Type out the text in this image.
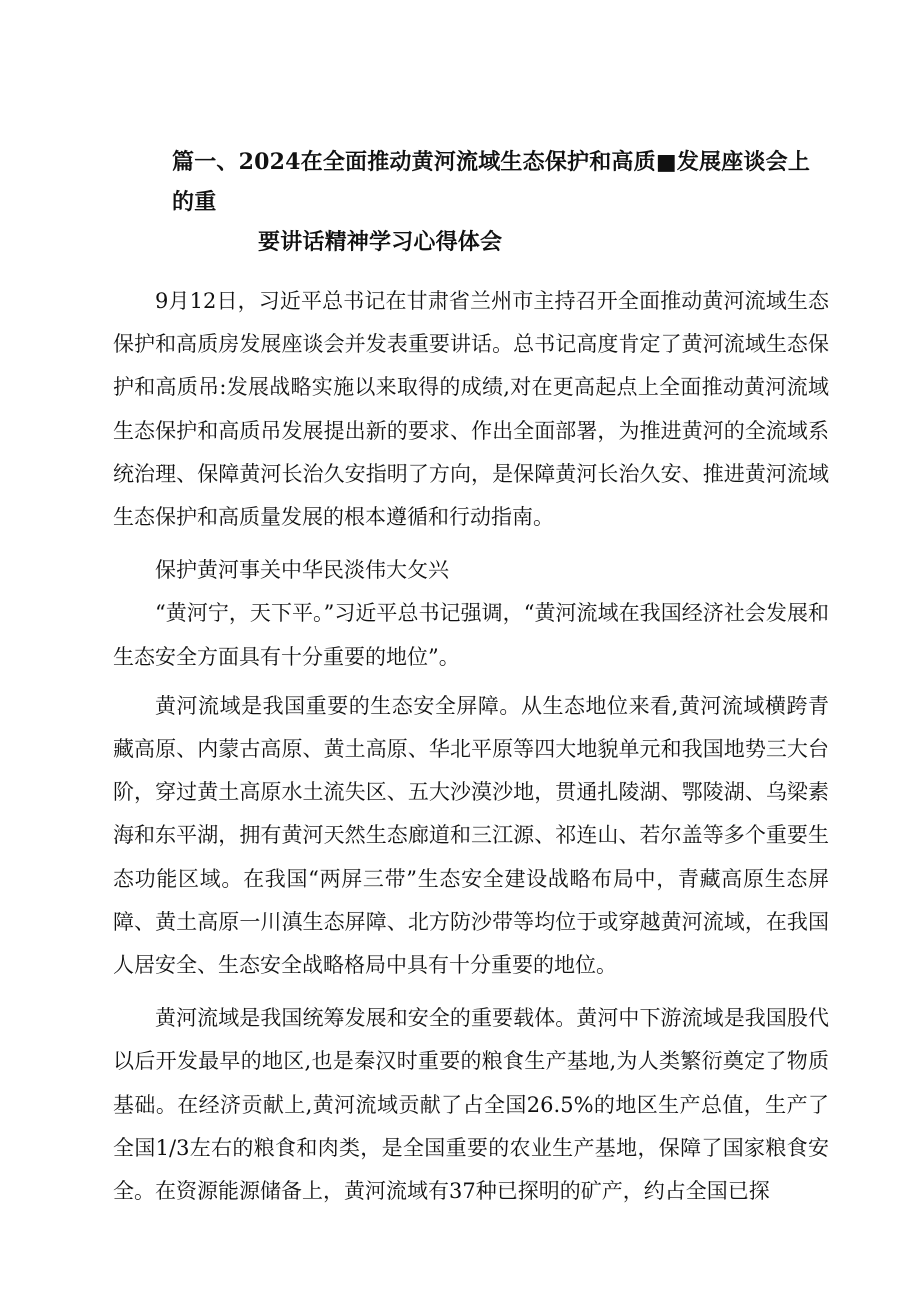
篇一、2024在全面推动黄河流域生态保护和高质■发展座谈会上的重
要讲话精神学习心得体会

9月12日，习近平总书记在甘肃省兰州市主持召开全面推动黄河流域生态保护和高质房发展座谈会并发表重要讲话。总书记高度肯定了黄河流域生态保护和高质吊:发展战略实施以来取得的成绩,对在更高起点上全面推动黄河流域生态保护和高质吊发展提出新的要求、作出全面部署，为推进黄河的全流域系统治理、保障黄河长治久安指明了方向，是保障黄河长治久安、推进黄河流域生态保护和高质量发展的根本遵循和行动指南。

保护黄河事关中华民淡伟大攵兴

“黄河宁，天下平。”习近平总书记强调，“黄河流域在我国经济社会发展和生态安全方面具有十分重要的地位”。

黄河流域是我国重要的生态安全屏障。从生态地位来看,黄河流域横跨青藏高原、内蒙古高原、黄土高原、华北平原等四大地貌单元和我国地势三大台阶，穿过黄土高原水土流失区、五大沙漠沙地，贯通扎陵湖、鄂陵湖、乌梁素海和东平湖，拥有黄河天然生态廊道和三江源、祁连山、若尔盖等多个重要生态功能区域。在我国“两屏三带”生态安全建设战略布局中，青藏高原生态屏障、黄土高原一川滇生态屏障、北方防沙带等均位于或穿越黄河流域，在我国人居安全、生态安全战略格局中具有十分重要的地位。

黄河流域是我国统筹发展和安全的重要载体。黄河中下游流域是我国股代以后开发最早的地区,也是秦汉时重要的粮食生产基地,为人类繁衍奠定了物质基础。在经济贡献上,黄河流域贡献了占全国26.5%的地区生产总值，生产了全国1/3左右的粮食和肉类，是全国重要的农业生产基地，保障了国家粮食安全。在资源能源储备上，黄河流域有37种已探明的矿产，约占全国已探
